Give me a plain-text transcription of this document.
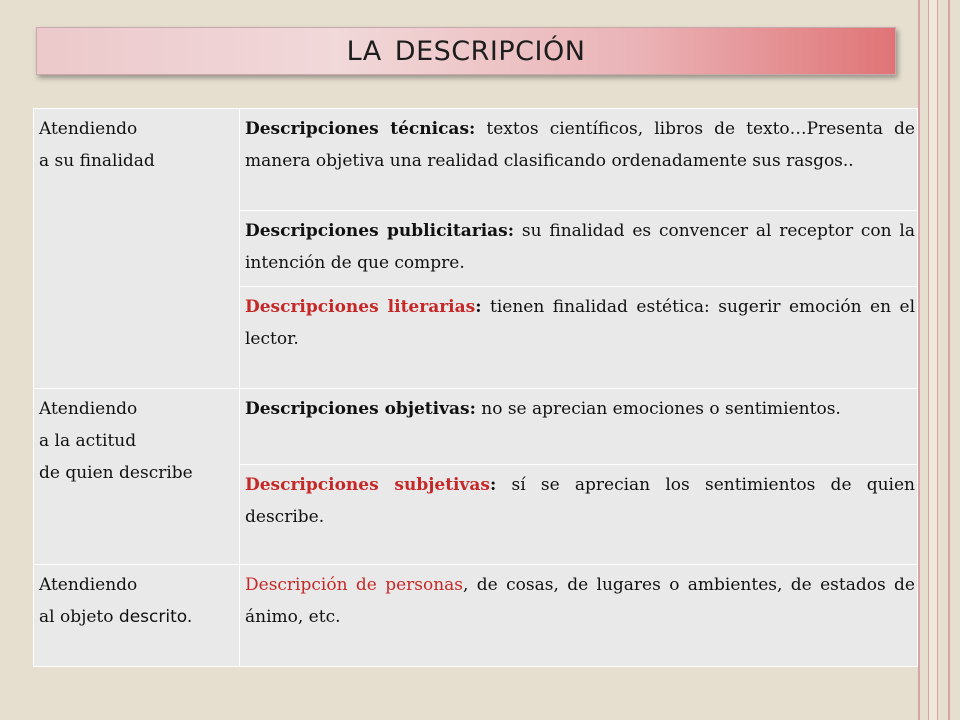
LA DESCRIPCIÓN
Atendiendo
a su finalidad	Descripciones técnicas: textos científicos, libros de texto…Presenta de manera objetiva una realidad clasificando ordenadamente sus rasgos..
	Descripciones publicitarias: su finalidad es convencer al receptor con la intención de que compre.
	Descripciones literarias: tienen finalidad estética: sugerir emoción en el lector.
Atendiendo
a la actitud
de quien describe	Descripciones objetivas: no se aprecian emociones o sentimientos.
	Descripciones subjetivas: sí se aprecian los sentimientos de quien describe.
Atendiendo
al objeto descrito.	Descripción de personas, de cosas, de lugares o ambientes, de estados de ánimo, etc.
